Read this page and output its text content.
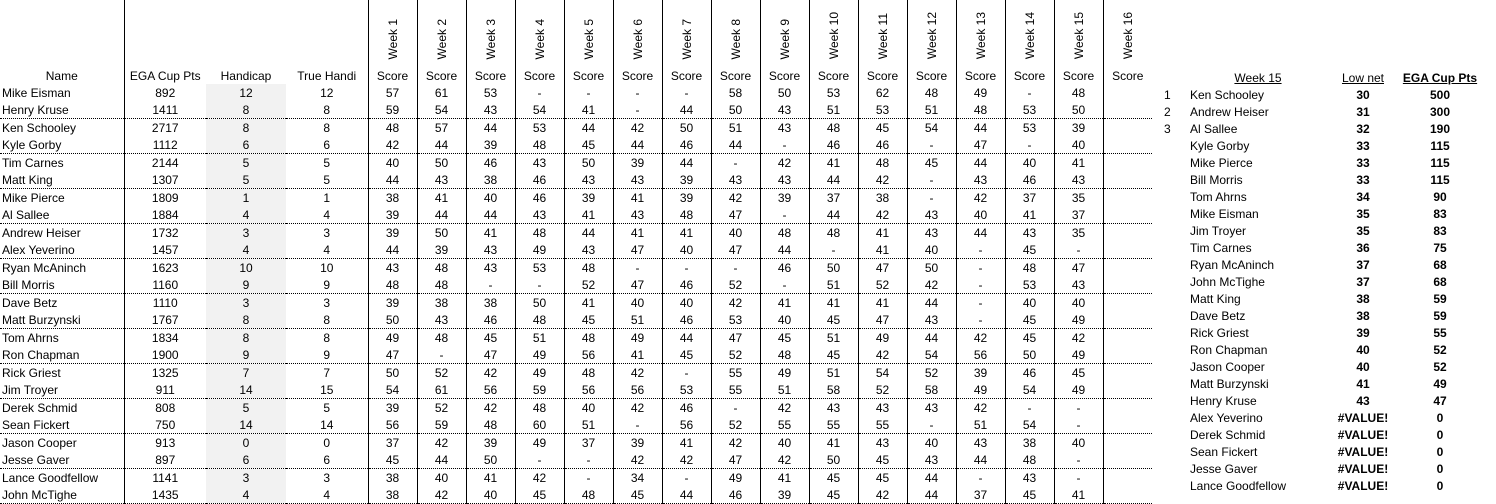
				Week 1	Week 2	Week 3	Week 4	Week 5	Week 6	Week 7	Week 8	Week 9	Week 10	Week 11	Week 12	Week 13	Week 14	Week 15	Week 16
Name	EGA Cup Pts	Handicap	True Handi	Score	Score	Score	Score	Score	Score	Score	Score	Score	Score	Score	Score	Score	Score	Score	Score
Mike Eisman	892	12	12	57	61	53	-	-	-	-	58	50	53	62	48	49	-	48	
Henry Kruse	1411	8	8	59	54	43	54	41	-	44	50	43	51	53	51	48	53	50	
Ken Schooley	2717	8	8	48	57	44	53	44	42	50	51	43	48	45	54	44	53	39	
Kyle Gorby	1112	6	6	42	44	39	48	45	44	46	44	-	46	46	-	47	-	40	
Tim Carnes	2144	5	5	40	50	46	43	50	39	44	-	42	41	48	45	44	40	41	
Matt King	1307	5	5	44	43	38	46	43	43	39	43	43	44	42	-	43	46	43	
Mike Pierce	1809	1	1	38	41	40	46	39	41	39	42	39	37	38	-	42	37	35	
Al Sallee	1884	4	4	39	44	44	43	41	43	48	47	-	44	42	43	40	41	37	
Andrew Heiser	1732	3	3	39	50	41	48	44	41	41	40	48	48	41	43	44	43	35	
Alex Yeverino	1457	4	4	44	39	43	49	43	47	40	47	44	-	41	40	-	45	-	
Ryan McAninch	1623	10	10	43	48	43	53	48	-	-	-	46	50	47	50	-	48	47	
Bill Morris	1160	9	9	48	48	-	-	52	47	46	52	-	51	52	42	-	53	43	
Dave Betz	1110	3	3	39	38	38	50	41	40	40	42	41	41	41	44	-	40	40	
Matt Burzynski	1767	8	8	50	43	46	48	45	51	46	53	40	45	47	43	-	45	49	
Tom Ahrns	1834	8	8	49	48	45	51	48	49	44	47	45	51	49	44	42	45	42	
Ron Chapman	1900	9	9	47	-	47	49	56	41	45	52	48	45	42	54	56	50	49	
Rick Griest	1325	7	7	50	52	42	49	48	42	-	55	49	51	54	52	39	46	45	
Jim Troyer	911	14	15	54	61	56	59	56	56	53	55	51	58	52	58	49	54	49	
Derek Schmid	808	5	5	39	52	42	48	40	42	46	-	42	43	43	43	42	-	-	
Sean Fickert	750	14	14	56	59	48	60	51	-	56	52	55	55	55	-	51	54	-	
Jason Cooper	913	0	0	37	42	39	49	37	39	41	42	40	41	43	40	43	38	40	
Jesse Gaver	897	6	6	45	44	50	-	-	42	42	47	42	50	45	43	44	48	-	
Lance Goodfellow	1141	3	3	38	40	41	42	-	34	-	49	41	45	45	44	-	43	-	
John McTighe	1435	4	4	38	42	40	45	48	45	44	46	39	45	42	44	37	45	41	
	Week 15	Low net	EGA Cup Pts
1	Ken Schooley	30	500
2	Andrew Heiser	31	300
3	Al Sallee	32	190
	Kyle Gorby	33	115
	Mike Pierce	33	115
	Bill Morris	33	115
	Tom Ahrns	34	90
	Mike Eisman	35	83
	Jim Troyer	35	83
	Tim Carnes	36	75
	Ryan McAninch	37	68
	John McTighe	37	68
	Matt King	38	59
	Dave Betz	38	59
	Rick Griest	39	55
	Ron Chapman	40	52
	Jason Cooper	40	52
	Matt Burzynski	41	49
	Henry Kruse	43	47
	Alex Yeverino	#VALUE!	0
	Derek Schmid	#VALUE!	0
	Sean Fickert	#VALUE!	0
	Jesse Gaver	#VALUE!	0
	Lance Goodfellow	#VALUE!	0
